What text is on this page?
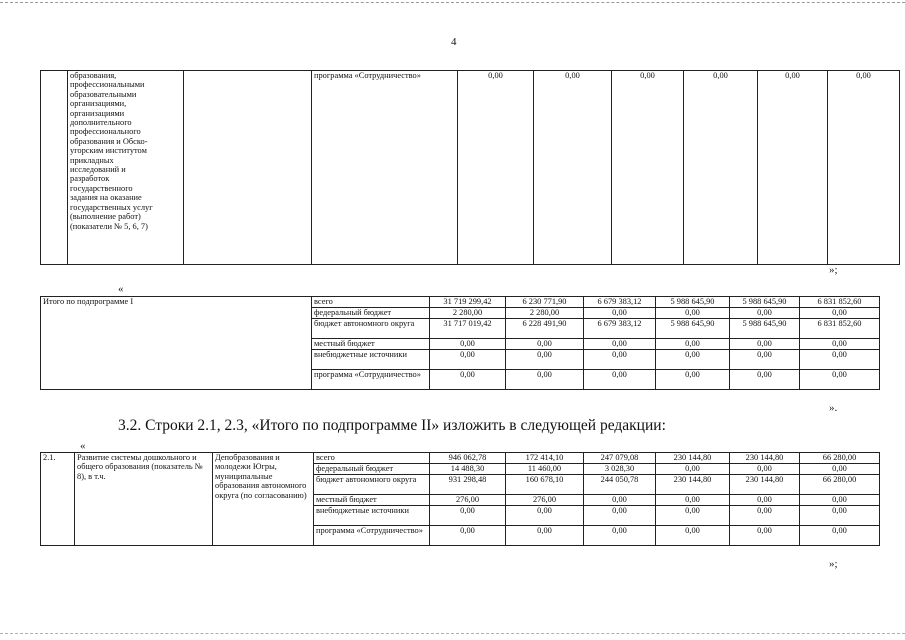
4

образования,
профессиональными
образовательными
организациями,
организациями
дополнительного
профессионального
образования и Обско-
угорским институтом
прикладных
исследований и
разработок
государственного
задания на оказание
государственных услуг
(выполнение работ)
(показатели № 5, 6, 7)
		программа «Сотрудничество»	0,00	0,00	0,00	0,00	0,00	0,00
»;
«
Итого по подпрограмме I	всего	31 719 299,42	6 230 771,90	6 679 383,12	5 988 645,90	5 988 645,90	6 831 852,60
	федеральный бюджет	2 280,00	2 280,00	0,00	0,00	0,00	0,00
	бюджет автономного округа	31 717 019,42	6 228 491,90	6 679 383,12	5 988 645,90	5 988 645,90	6 831 852,60
	местный бюджет	0,00	0,00	0,00	0,00	0,00	0,00
	внебюджетные источники	0,00	0,00	0,00	0,00	0,00	0,00
	программа «Сотрудничество»	0,00	0,00	0,00	0,00	0,00	0,00
».
3.2. Строки 2.1, 2.3, «Итого по подпрограмме II» изложить в следующей редакции:
«
2.1.	Развитие системы дошкольного и общего образования (показатель № 8), в т.ч.	Депобразования и молодежи Югры, муниципальные образования автономного округа (по согласованию)	всего	946 062,78	172 414,10	247 079,08	230 144,80	230 144,80	66 280,00
			федеральный бюджет	14 488,30	11 460,00	3 028,30	0,00	0,00	0,00
			бюджет автономного округа	931 298,48	160 678,10	244 050,78	230 144,80	230 144,80	66 280,00
			местный бюджет	276,00	276,00	0,00	0,00	0,00	0,00
			внебюджетные источники	0,00	0,00	0,00	0,00	0,00	0,00
			программа «Сотрудничество»	0,00	0,00	0,00	0,00	0,00	0,00
»;
